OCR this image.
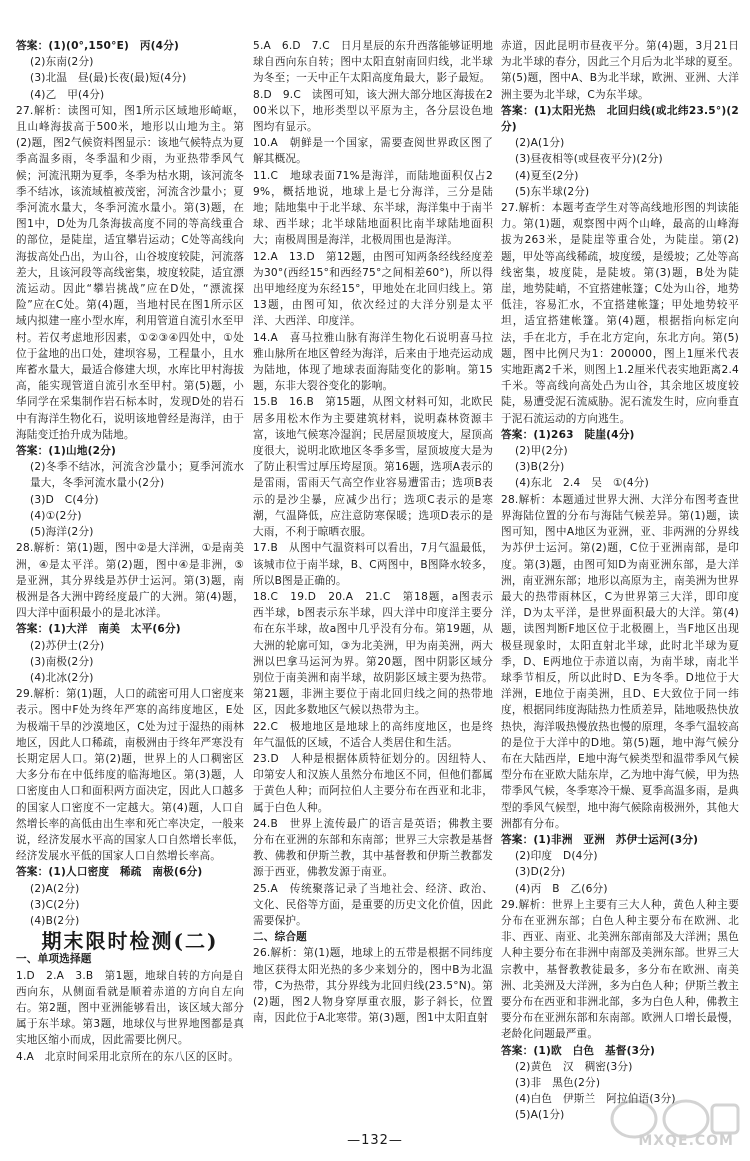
答案：(1)(0°,150°E)　丙(4分)

(2)东南(2分)

(3)北温　昼(最)长夜(最)短(4分)

(4)乙　甲(4分)

27.解析：读图可知，图1所示区域地形崎岖，且山峰海拔高于500米，地形以山地为主。第(2)题，图2气候资料图显示：该地气候特点为夏季高温多雨，冬季温和少雨，为亚热带季风气候；河流汛期为夏季，冬季为枯水期，该河流冬季不结冰，该流域植被茂密，河流含沙量小；夏季河流水量大，冬季河流水量小。第(3)题，在图1中，D处为几条海拔高度不同的等高线重合的部位，是陡崖，适宜攀岩运动；C处等高线向海拔高处凸出，为山谷，山谷坡度较陡，河流落差大，且该河段等高线密集，坡度较陡，适宜漂流运动。因此“攀岩挑战”应在D处，“漂流探险”应在C处。第(4)题，当地村民在图1所示区域内拟建一座小型水库，利用管道自流引水至甲村。若仅考虑地形因素，①②③④四处中，①处位于盆地的出口处，建坝容易，工程量小，且水库蓄水量大，最适合修建大坝，水库比甲村海拔高，能实现管道自流引水至甲村。第(5)题，小华同学在采集制作岩石标本时，发现D处的岩石中有海洋生物化石，说明该地曾经是海洋，由于海陆变迁抬升成为陆地。

答案：(1)山地(2分)

(2)冬季不结冰，河流含沙量小；夏季河流水量大，冬季河流水量小(2分)

(3)D　C(4分)

(4)①(2分)

(5)海洋(2分)

28.解析：第(1)题，图中②是大洋洲，①是南美洲，④是太平洋。第(2)题，图中④是非洲，⑤是亚洲，其分界线是苏伊士运河。第(3)题，南极洲是各大洲中跨经度最广的大洲。第(4)题，四大洋中面积最小的是北冰洋。

答案：(1)大洋　南美　太平(6分)

(2)苏伊士(2分)

(3)南极(2分)

(4)北冰(2分)

29.解析：第(1)题，人口的疏密可用人口密度来表示。图中F处为终年严寒的高纬度地区，E处为极端干旱的沙漠地区，C处为过于湿热的雨林地区，因此人口稀疏，南极洲由于终年严寒没有长期定居人口。第(2)题，世界上的人口稠密区大多分布在中低纬度的临海地区。第(3)题，人口密度由人口和面积两方面决定，因此人口越多的国家人口密度不一定越大。第(4)题，人口自然增长率的高低由出生率和死亡率决定，一般来说，经济发展水平高的国家人口自然增长率低，经济发展水平低的国家人口自然增长率高。

答案：(1)人口密度　稀疏　南极(6分)

(2)A(2分)

(3)C(2分)

(4)B(2分)

期末限时检测(二)

一、单项选择题

1.D　2.A　3.B　第1题，地球自转的方向是自西向东，从侧面看就是顺着赤道的方向自左向右。第2题，图中亚洲能够看出，该区域大部分属于东半球。第3题，地球仪与世界地图都是真实地区缩小而成，因此需要比例尺。

4.A　北京时间采用北京所在的东八区的区时。

5.A　6.D　7.C　日月星辰的东升西落能够证明地球自西向东自转；图中太阳直射南回归线，北半球为冬至；一天中正午太阳高度角最大，影子最短。

8.D　9.C　读图可知，该大洲大部分地区海拔在200米以下，地形类型以平原为主，各分层设色地图均有显示。

10.A　朝鲜是一个国家，需要查阅世界政区图了解其概况。

11.C　地球表面71%是海洋，而陆地面积仅占29%，概括地说，地球上是七分海洋，三分是陆地；陆地集中于北半球、东半球，海洋集中于南半球、西半球；北半球陆地面积比南半球陆地面积大；南极周围是海洋，北极周围也是海洋。

12.A　13.D　第12题，由图可知两条经线经度差为30°(西经15°和西经75°之间相差60°)，所以得出甲地经度为东经15°，甲地处在北回归线上。第13题，由图可知，依次经过的大洋分别是太平洋、大西洋、印度洋。

14.A　喜马拉雅山脉有海洋生物化石说明喜马拉雅山脉所在地区曾经为海洋，后来由于地壳运动成为陆地，体现了地球表面海陆变化的影响。第15题，东非大裂谷变化的影响。

15.B　16.B　第15题，从图文材料可知，北欧民居多用松木作为主要建筑材料，说明森林资源丰富，该地气候寒冷湿润；民居屋顶坡度大，屋顶高度很大，说明北欧地区冬季多雪，屋顶坡度大是为了防止积雪过厚压垮屋顶。第16题，选项A表示的是雷雨，雷雨天气高空作业容易遭雷击；选项B表示的是沙尘暴，应减少出行；选项C表示的是寒潮，气温降低，应注意防寒保暖；选项D表示的是大雨，不利于晾晒衣服。

17.B　从图中气温资料可以看出，7月气温最低，该城市位于南半球，B、C两图中，B图降水较多，所以B图是正确的。

18.C　19.D　20.A　21.C　第18题，a图表示西半球，b图表示东半球，四大洋中印度洋主要分布在东半球，故a图中几乎没有分布。第19题，从大洲的轮廓可知，③为北美洲，甲为南美洲，两大洲以巴拿马运河为界。第20题，图中阴影区域分别位于南美洲和南半球，故阴影区域主要为热带。第21题，非洲主要位于南北回归线之间的热带地区，因此多数地区气候以热带为主。

22.C　极地地区是地球上的高纬度地区，也是终年气温低的区域，不适合人类居住和生活。

23.D　人种是根据体质特征划分的。因纽特人、印第安人和汉族人虽然分布地区不同，但他们都属于黄色人种；而阿拉伯人主要分布在西亚和北非，属于白色人种。

24.B　世界上流传最广的语言是英语；佛教主要分布在亚洲的东部和东南部；世界三大宗教是基督教、佛教和伊斯兰教，其中基督教和伊斯兰教都发源于西亚，佛教发源于南亚。

25.A　传统聚落记录了当地社会、经济、政治、文化、民俗等方面，是重要的历史文化价值，因此需要保护。

二、综合题

26.解析：第(1)题，地球上的五带是根据不同纬度地区获得太阳光热的多少来划分的，图中B为北温带，C为热带，其分界线为北回归线(23.5°N)。第(2)题，图2人物身穿厚重衣服，影子斜长，位置南，因此位于A北寒带。第(3)题，图1中太阳直射

赤道，因此昆明市昼夜平分。第(4)题，3月21日为北半球的春分，因此三个月后为北半球的夏至。第(5)题，图中A、B为北半球，欧洲、亚洲、大洋洲主要为北半球，C为东半球。

答案：(1)太阳光热　北回归线(或北纬23.5°)(2分)

(2)A(1分)

(3)昼夜相等(或昼夜平分)(2分)

(4)夏至(2分)

(5)东半球(2分)

27.解析：本题考查学生对等高线地形图的判读能力。第(1)题，观察图中两个山峰，最高的山峰海拔为263米，是陡崖等重合处，为陡崖。第(2)题，甲处等高线稀疏，坡度缓，是缓坡；乙处等高线密集，坡度陡，是陡坡。第(3)题，B处为陡崖，地势陡峭，不宜搭建帐篷；C处为山谷，地势低洼，容易汇水，不宜搭建帐篷；甲处地势较平坦，适宜搭建帐篷。第(4)题，根据指向标定向法，手在北方，手在北方定向，东北方向。第(5)题，图中比例尺为1：200000，图上1厘米代表实地距离2千米，则图上1.2厘米代表实地距离2.4千米。等高线向高处凸为山谷，其余地区坡度较陡，易遭受泥石流威胁。泥石流发生时，应向垂直于泥石流运动的方向逃生。

答案：(1)263　陡崖(4分)

(2)甲(2分)

(3)B(2分)

(4)东北　2.4　吴　①(4分)

28.解析：本题通过世界大洲、大洋分布图考查世界海陆位置的分布与海陆气候差异。第(1)题，读图可知，图中A地区为亚洲，亚、非两洲的分界线为苏伊士运河。第(2)题，C位于亚洲南部，是印度。第(3)题，由图可知D为南亚洲东部，是大洋洲，南亚洲东部；地形以高原为主，南美洲为世界最大的热带雨林区，C为世界第三大洋，即印度洋，D为太平洋，是世界面积最大的大洋。第(4)题，读图判断F地区位于北极圈上，当F地区出现极昼现象时，太阳直射北半球，此时北半球为夏季，D、E两地位于赤道以南，为南半球，南北半球季节相反，所以此时D、E为冬季。D地位于大洋洲，E地位于南美洲，且D、E大致位于同一纬度，根据同纬度海陆热力性质差异，陆地吸热快放热快，海洋吸热慢放热也慢的原理，冬季气温较高的是位于大洋中的D地。第(5)题，地中海气候分布在大陆西岸，E地中海气候类型和温带季风气候型分布在亚欧大陆东岸，乙为地中海气候，甲为热带季风气候，冬季寒冷干燥、夏季高温多雨，是典型的季风气候型，地中海气候除南极洲外，其他大洲都有分布。

答案：(1)非洲　亚洲　苏伊士运河(3分)

(2)印度　D(4分)

(3)D(2分)

(4)丙　B　乙(6分)

29.解析：世界上主要有三大人种，黄色人种主要分布在亚洲东部；白色人种主要分布在欧洲、北非、西亚、南亚、北美洲东部南部及大洋洲；黑色人种主要分布在非洲中南部及美洲东部。世界三大宗教中，基督教教徒最多，多分布在欧洲、南美洲、北美洲及大洋洲，多为白色人种；伊斯兰教主要分布在西亚和非洲北部，多为白色人种，佛教主要分布在亚洲东部和东南部。欧洲人口增长最慢，老龄化问题最严重。

答案：(1)欧　白色　基督(3分)

(2)黄色　汉　稠密(3分)

(3)非　黑色(2分)

(4)白色　伊斯兰　阿拉伯语(3分)

(5)A(1分)

—132—	MXQE.COM
